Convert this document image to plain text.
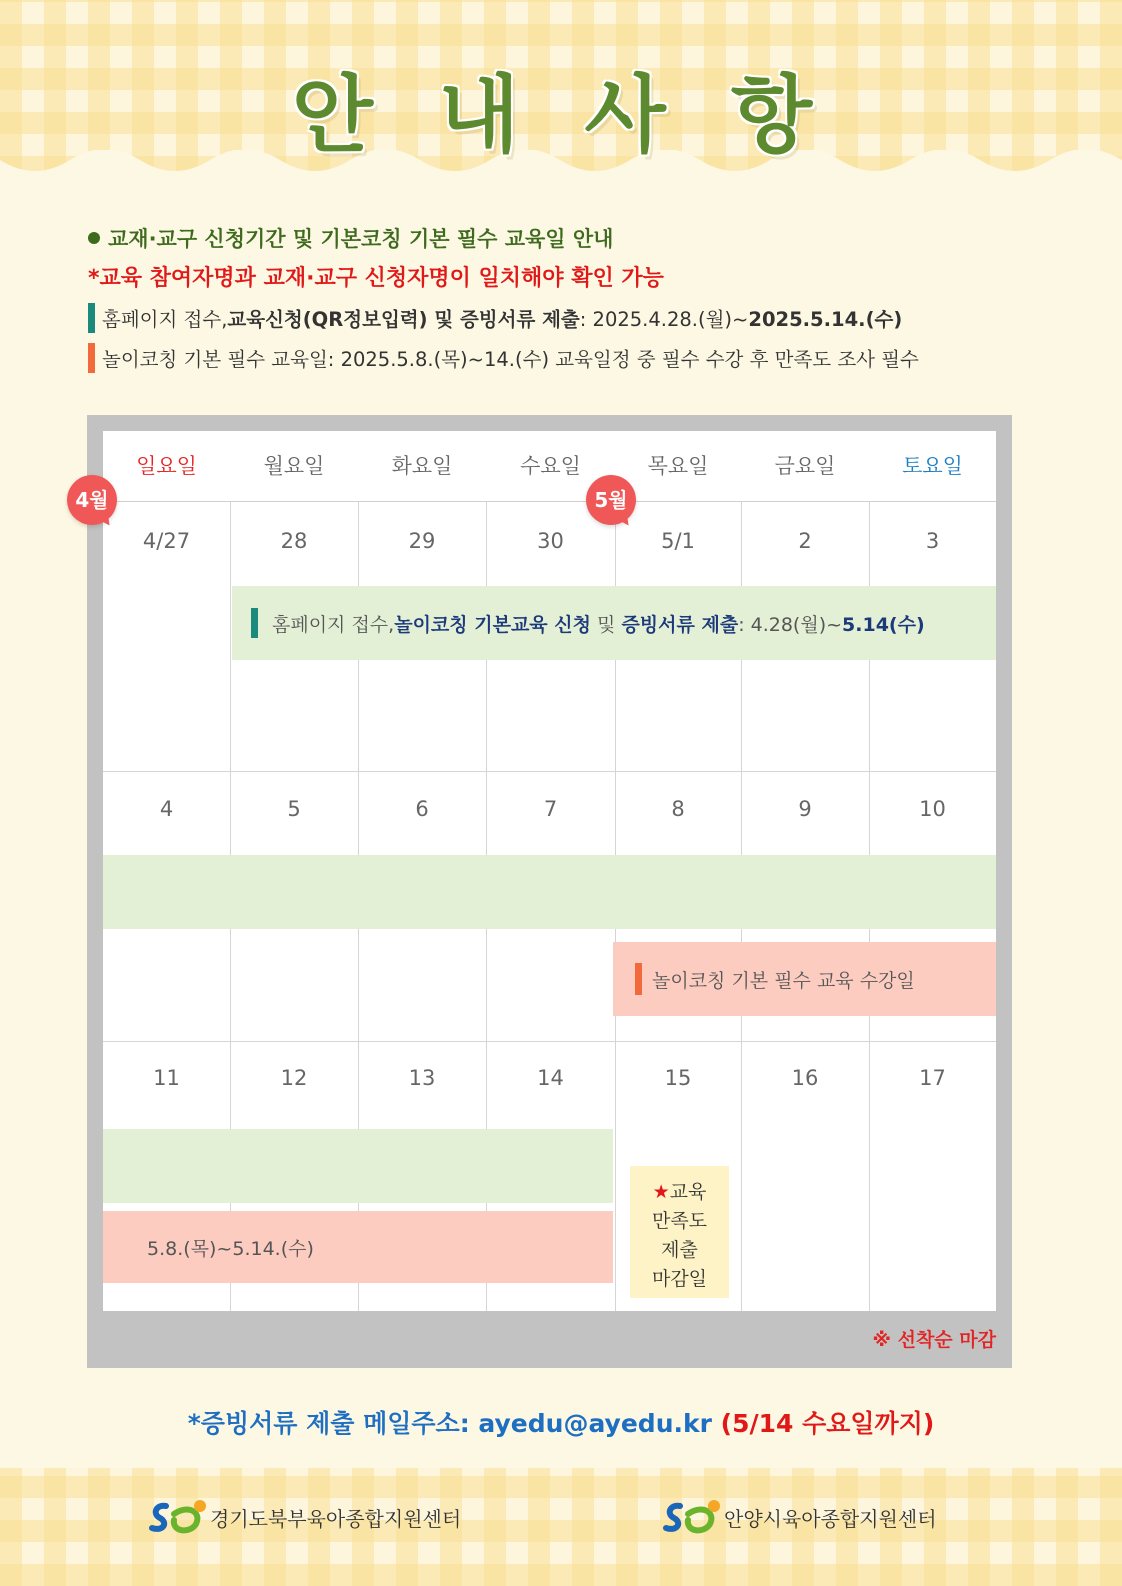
안 내 사 항
교재·교구 신청기간 및 기본코칭 기본 필수 교육일 안내
*교육 참여자명과 교재·교구 신청자명이 일치해야 확인 가능
홈페이지 접수, 교육신청(QR정보입력) 및 증빙서류 제출 : 2025.4.28.(월)~ 2025.5.14.(수)
놀이코칭 기본 필수 교육일: 2025.5.8.(목)~14.(수) 교육일정 중 필수 수강 후 만족도 조사 필수
일요일	월요일	화요일	수요일	목요일	금요일	토요일
4/27	28	29	30	5/1	2	3
4	5	6	7	8	9	10
11	12	13	14	15	16	17
홈페이지 접수, 놀이코칭 기본교육 신청 및 증빙서류 제출 : 4.28(월)~ 5.14(수)
놀이코칭 기본 필수 교육 수강일
5.8.(목)~5.14.(수)
★교육
만족도
제출
마감일
※ 선착순 마감
4월	5월
*증빙서류 제출 메일주소: ayedu@ayedu.kr (5/14 수요일까지)
경기도북부육아종합지원센터	안양시육아종합지원센터
